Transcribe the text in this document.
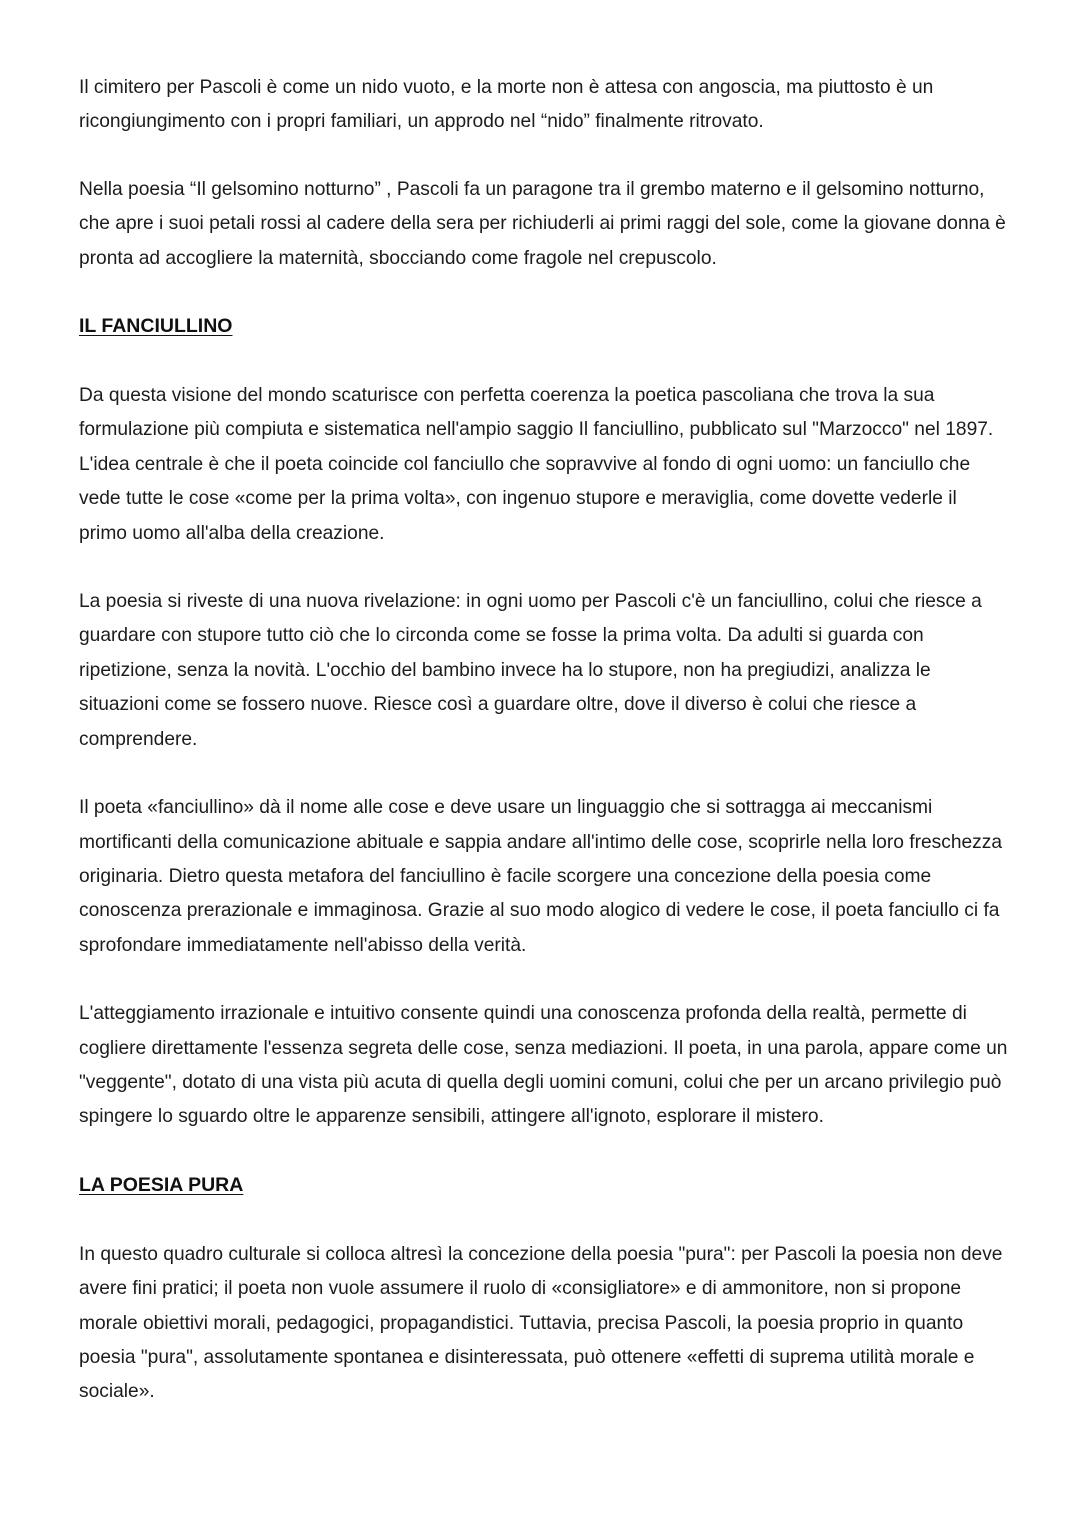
Il cimitero per Pascoli è come un nido vuoto, e la morte non è attesa con angoscia, ma piuttosto è un ricongiungimento con i propri familiari, un approdo nel “nido” finalmente ritrovato.

Nella poesia “Il gelsomino notturno” , Pascoli fa un paragone tra il grembo materno e il gelsomino notturno, che apre i suoi petali rossi al cadere della sera per richiuderli ai primi raggi del sole, come la giovane donna è pronta ad accogliere la maternità, sbocciando come fragole nel crepuscolo.

IL FANCIULLINO

Da questa visione del mondo scaturisce con perfetta coerenza la poetica pascoliana che trova la sua formulazione più compiuta e sistematica nell'ampio saggio Il fanciullino, pubblicato sul "Marzocco" nel 1897. L'idea centrale è che il poeta coincide col fanciullo che sopravvive al fondo di ogni uomo: un fanciullo che vede tutte le cose «come per la prima volta», con ingenuo stupore e meraviglia, come dovette vederle il primo uomo all'alba della creazione.

La poesia si riveste di una nuova rivelazione: in ogni uomo per Pascoli c'è un fanciullino, colui che riesce a guardare con stupore tutto ciò che lo circonda come se fosse la prima volta. Da adulti si guarda con ripetizione, senza la novità. L'occhio del bambino invece ha lo stupore, non ha pregiudizi, analizza le situazioni come se fossero nuove. Riesce così a guardare oltre, dove il diverso è colui che riesce a comprendere.

Il poeta «fanciullino» dà il nome alle cose e deve usare un linguaggio che si sottragga ai meccanismi mortificanti della comunicazione abituale e sappia andare all'intimo delle cose, scoprirle nella loro freschezza originaria. Dietro questa metafora del fanciullino è facile scorgere una concezione della poesia come conoscenza prerazionale e immaginosa. Grazie al suo modo alogico di vedere le cose, il poeta fanciullo ci fa sprofondare immediatamente nell'abisso della verità.

L'atteggiamento irrazionale e intuitivo consente quindi una conoscenza profonda della realtà, permette di cogliere direttamente l'essenza segreta delle cose, senza mediazioni. Il poeta, in una parola, appare come un "veggente", dotato di una vista più acuta di quella degli uomini comuni, colui che per un arcano privilegio può spingere lo sguardo oltre le apparenze sensibili, attingere all'ignoto, esplorare il mistero.

LA POESIA PURA

In questo quadro culturale si colloca altresì la concezione della poesia "pura": per Pascoli la poesia non deve avere fini pratici; il poeta non vuole assumere il ruolo di «consigliatore» e di ammonitore, non si propone morale obiettivi morali, pedagogici, propagandistici. Tuttavia, precisa Pascoli, la poesia proprio in quanto poesia "pura", assolutamente spontanea e disinteressata, può ottenere «effetti di suprema utilità morale e sociale».
